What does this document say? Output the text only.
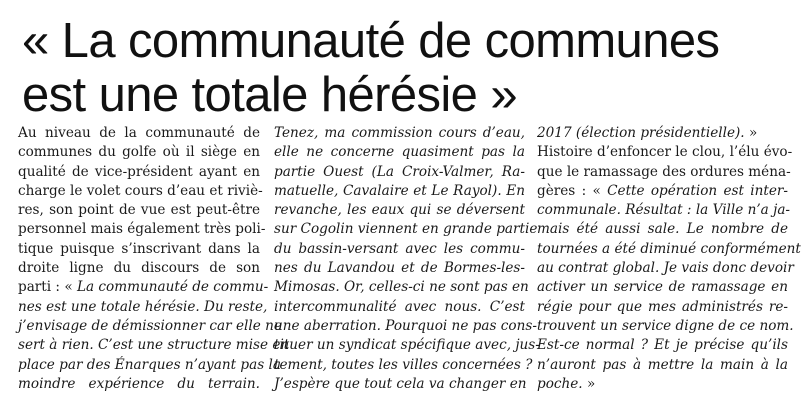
« La communauté de communes
est une totale hérésie »
Au niveau de la communauté de
communes du golfe où il siège en
qualité de vice-président ayant en
charge le volet cours d’eau et riviè-
res, son point de vue est peut-être
personnel mais également très poli-
tique puisque s’inscrivant dans la
droite ligne du discours de son
parti : « La communauté de commu-
nes est une totale hérésie. Du reste,
j’envisage de démissionner car elle ne
sert à rien. C’est une structure mise en
place par des Énarques n’ayant pas la
moindre expérience du terrain.
Tenez, ma commission cours d’eau,
elle ne concerne quasiment pas la
partie Ouest (La Croix-Valmer, Ra-
matuelle, Cavalaire et Le Rayol). En
revanche, les eaux qui se déversent
sur Cogolin viennent en grande partie
du bassin-versant avec les commu-
nes du Lavandou et de Bormes-les-
Mimosas. Or, celles-ci ne sont pas en
intercommunalité avec nous. C’est
une aberration. Pourquoi ne pas cons-
tituer un syndicat spécifique avec, jus-
tement, toutes les villes concernées ?
J’espère que tout cela va changer en
2017 (élection présidentielle). »
Histoire d’enfoncer le clou, l’élu évo-
que le ramassage des ordures ména-
gères : « Cette opération est inter-
communale. Résultat : la Ville n’a ja-
mais été aussi sale. Le nombre de
tournées a été diminué conformément
au contrat global. Je vais donc devoir
activer un service de ramassage en
régie pour que mes administrés re-
trouvent un service digne de ce nom.
Est-ce normal ? Et je précise qu’ils
n’auront pas à mettre la main à la
poche. »
